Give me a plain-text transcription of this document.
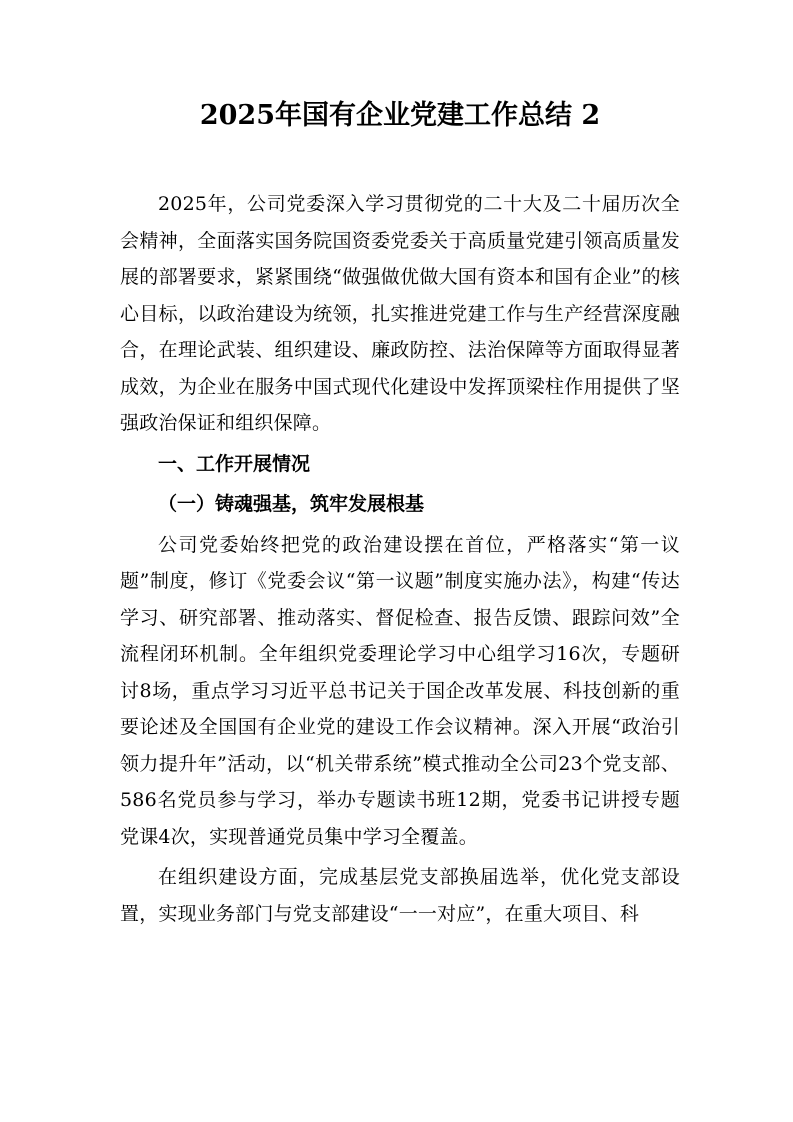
2025年国有企业党建工作总结 2

2025年，公司党委深入学习贯彻党的二十大及二十届历次全会精神，全面落实国务院国资委党委关于高质量党建引领高质量发展的部署要求，紧紧围绕“做强做优做大国有资本和国有企业”的核心目标，以政治建设为统领，扎实推进党建工作与生产经营深度融合，在理论武装、组织建设、廉政防控、法治保障等方面取得显著成效，为企业在服务中国式现代化建设中发挥顶梁柱作用提供了坚强政治保证和组织保障。

一、工作开展情况

（一）铸魂强基，筑牢发展根基

公司党委始终把党的政治建设摆在首位，严格落实“第一议题”制度，修订《党委会议“第一议题”制度实施办法》，构建“传达学习、研究部署、推动落实、督促检查、报告反馈、跟踪问效”全流程闭环机制。全年组织党委理论学习中心组学习16次，专题研讨8场，重点学习习近平总书记关于国企改革发展、科技创新的重要论述及全国国有企业党的建设工作会议精神。深入开展“政治引领力提升年”活动，以“机关带系统”模式推动全公司23个党支部、586名党员参与学习，举办专题读书班12期，党委书记讲授专题党课4次，实现普通党员集中学习全覆盖。

在组织建设方面，完成基层党支部换届选举，优化党支部设置，实现业务部门与党支部建设“一一对应”，在重大项目、科
